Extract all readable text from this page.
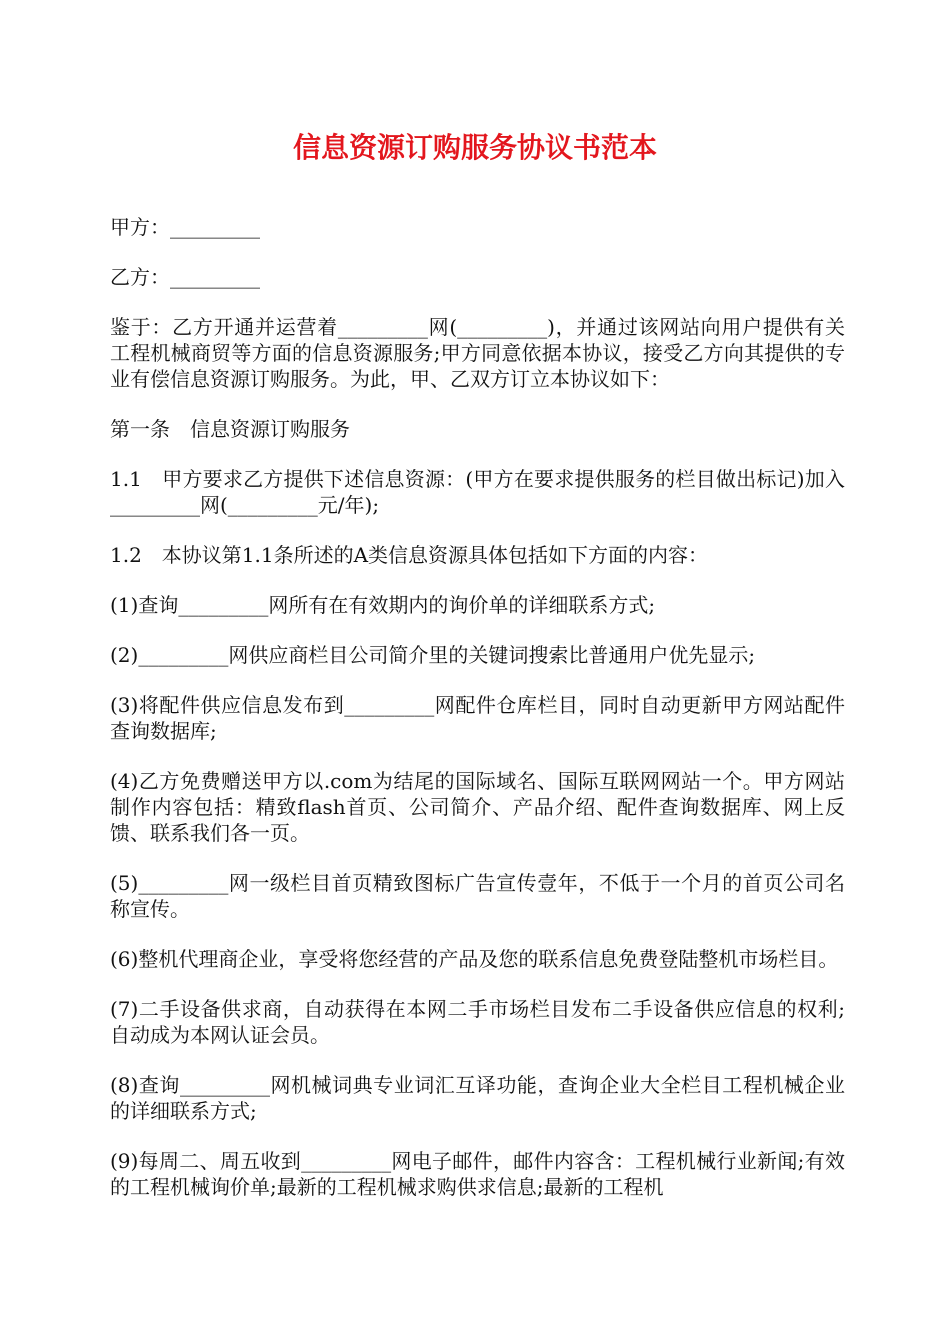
信息资源订购服务协议书范本

甲方：_________

乙方：_________

鉴于：乙方开通并运营着_________网(_________)，并通过该网站向用户提供有关工程机械商贸等方面的信息资源服务;甲方同意依据本协议，接受乙方向其提供的专业有偿信息资源订购服务。为此，甲、乙双方订立本协议如下：

第一条　信息资源订购服务

1.1　甲方要求乙方提供下述信息资源：(甲方在要求提供服务的栏目做出标记)加入_________网(_________元/年);

1.2　本协议第1.1条所述的A类信息资源具体包括如下方面的内容：

(1)查询_________网所有在有效期内的询价单的详细联系方式;

(2)_________网供应商栏目公司简介里的关键词搜索比普通用户优先显示;

(3)将配件供应信息发布到_________网配件仓库栏目，同时自动更新甲方网站配件查询数据库;

(4)乙方免费赠送甲方以.com为结尾的国际域名、国际互联网网站一个。甲方网站制作内容包括：精致flash首页、公司简介、产品介绍、配件查询数据库、网上反馈、联系我们各一页。

(5)_________网一级栏目首页精致图标广告宣传壹年，不低于一个月的首页公司名称宣传。

(6)整机代理商企业，享受将您经营的产品及您的联系信息免费登陆整机市场栏目。

(7)二手设备供求商，自动获得在本网二手市场栏目发布二手设备供应信息的权利;自动成为本网认证会员。

(8)查询_________网机械词典专业词汇互译功能，查询企业大全栏目工程机械企业的详细联系方式;

(9)每周二、周五收到_________网电子邮件，邮件内容含：工程机械行业新闻;有效的工程机械询价单;最新的工程机械求购供求信息;最新的工程机
